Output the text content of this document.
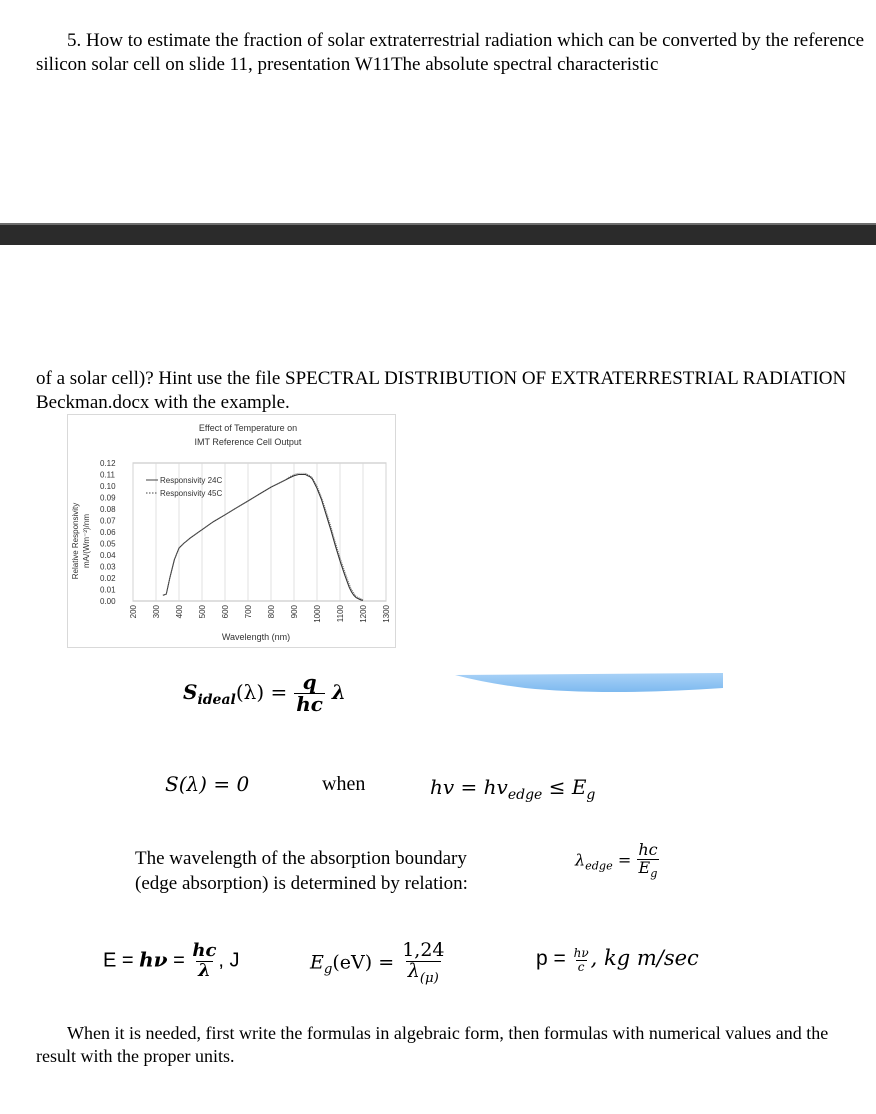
5. How to estimate the fraction of solar extraterrestrial radiation which can be converted by the reference silicon solar cell on slide 11, presentation W11The absolute spectral characteristic
of a solar cell)? Hint use the file SPECTRAL DISTRIBUTION OF EXTRATERRESTRIAL RADIATION Beckman.docx with the example.
Effect of Temperature on
IMT Reference Cell Output
Relative Responsivity mA/(Wm⁻²)/nm
Wavelength (nm)
200 300 400 500 600 700 800 900 1000 1100 1200 1300
0.00
0.01
0.02
0.03
0.04
0.05
0.06
0.07
0.08
0.09
0.10
0.11
0.12
Responsivity 24C
Responsivity 45C
$S_{ideal}(\lambda) = \frac{q}{hc}$ λ
S(λ) = 0	when	hv = $hv_{edge} \le E_g$
The wavelength of the absorption boundary
(edge absorption) is determined by relation:
$\lambda_{edge} = \frac{hc}{E_g}$
$E = h\nu = \frac{hc}{\lambda}$ , J	$E_g(eV) = \frac{1,24}{\lambda_{(\mu)}}$	$p = \frac{h\nu}{c}$ , kg m/sec
When it is needed, first write the formulas in algebraic form, then formulas with numerical values and the result with the proper units.
